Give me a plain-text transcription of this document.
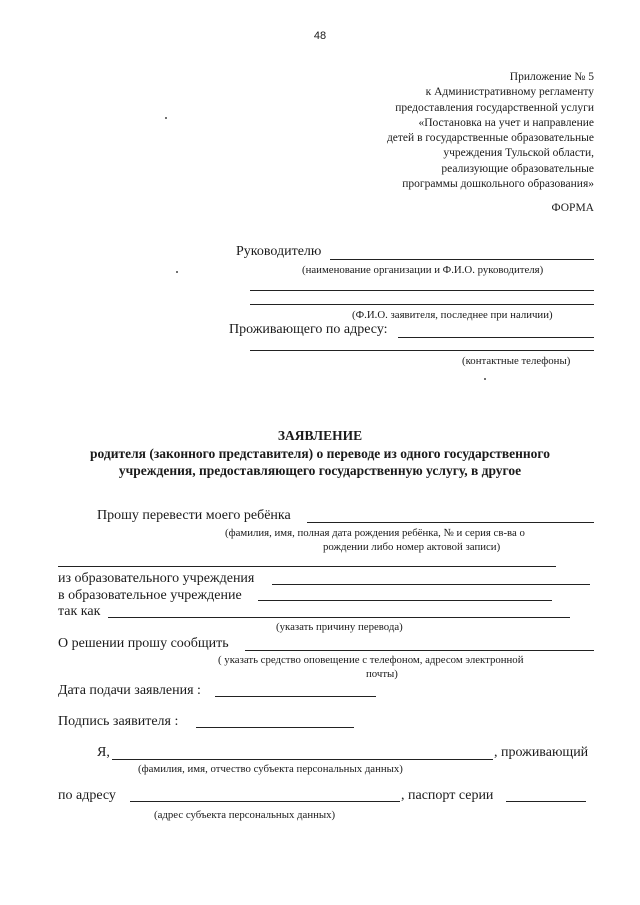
48
Приложение № 5
к Административному регламенту
предоставления государственной услуги
«Постановка на учет и направление
детей в государственные образовательные
учреждения Тульской области,
реализующие образовательные
программы дошкольного образования»
ФОРМА
Руководителю
(наименование организации и Ф.И.О. руководителя)
(Ф.И.О. заявителя, последнее при наличии)
Проживающего по адресу:
(контактные телефоны)
ЗАЯВЛЕНИЕ
родителя (законного представителя) о переводе из одного государственного
учреждения, предоставляющего государственную услугу, в другое
Прошу перевести моего ребёнка
(фамилия, имя, полная дата рождения ребёнка, № и серия св-ва о
рождении либо номер актовой записи)
из образовательного учреждения
в образовательное учреждение
так как
(указать причину перевода)
О решении прошу сообщить
( указать средство оповещение с телефоном, адресом электронной
почты)
Дата подачи заявления :
Подпись заявителя :
Я,	, проживающий
(фамилия, имя, отчество субъекта персональных данных)
по адресу	, паспорт серии
(адрес субъекта персональных данных)
